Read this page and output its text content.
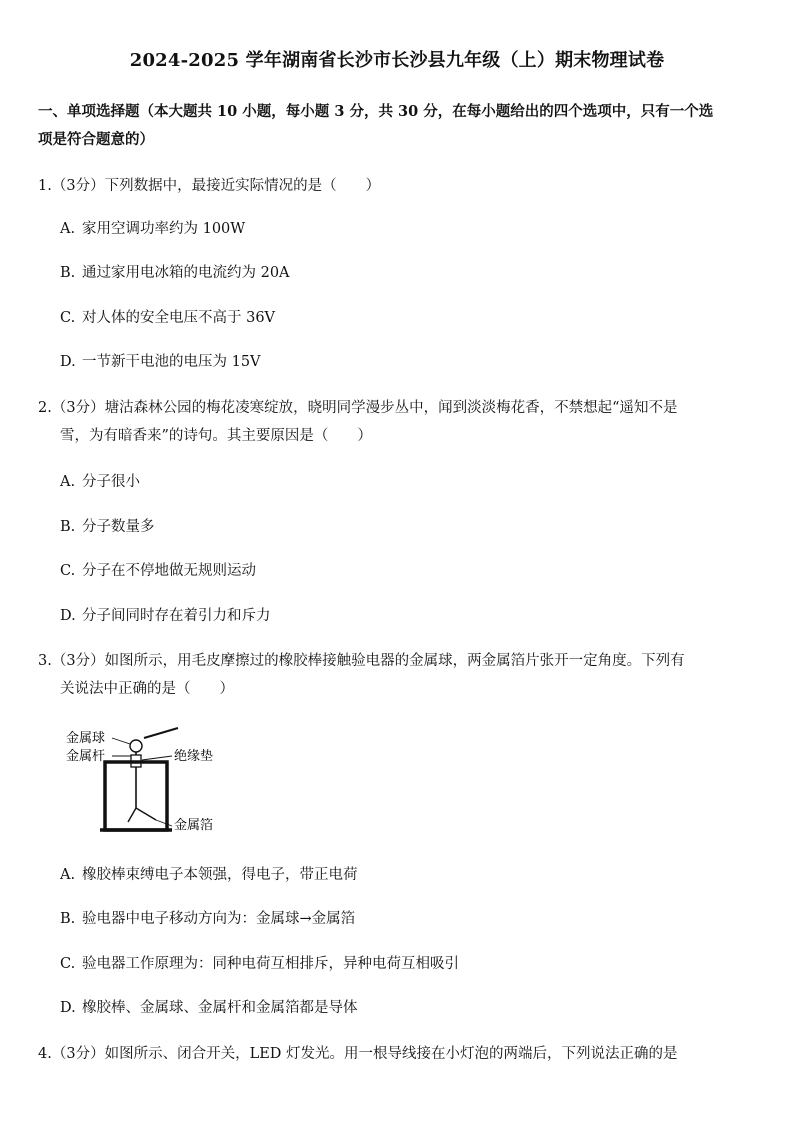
2024-2025 学年湖南省长沙市长沙县九年级（上）期末物理试卷
一、单项选择题（本大题共 10 小题，每小题 3 分，共 30 分，在每小题给出的四个选项中，只有一个选
项是符合题意的）
1.（3分）下列数据中，最接近实际情况的是（　　）
A. 家用空调功率约为 100W
B. 通过家用电冰箱的电流约为 20A
C. 对人体的安全电压不高于 36V
D. 一节新干电池的电压为 15V
2.（3分）塘沽森林公园的梅花凌寒绽放，晓明同学漫步丛中，闻到淡淡梅花香，不禁想起“遥知不是
雪，为有暗香来”的诗句。其主要原因是（　　）
A. 分子很小
B. 分子数量多
C. 分子在不停地做无规则运动
D. 分子间同时存在着引力和斥力
3.（3分）如图所示，用毛皮摩擦过的橡胶棒接触验电器的金属球，两金属箔片张开一定角度。下列有
关说法中正确的是（　　）
金属球
金属杆	绝缘垫
金属箔
A. 橡胶棒束缚电子本领强，得电子，带正电荷
B. 验电器中电子移动方向为：金属球→金属箔
C. 验电器工作原理为：同种电荷互相排斥，异种电荷互相吸引
D. 橡胶棒、金属球、金属杆和金属箔都是导体
4.（3分）如图所示、闭合开关，LED 灯发光。用一根导线接在小灯泡的两端后，下列说法正确的是
